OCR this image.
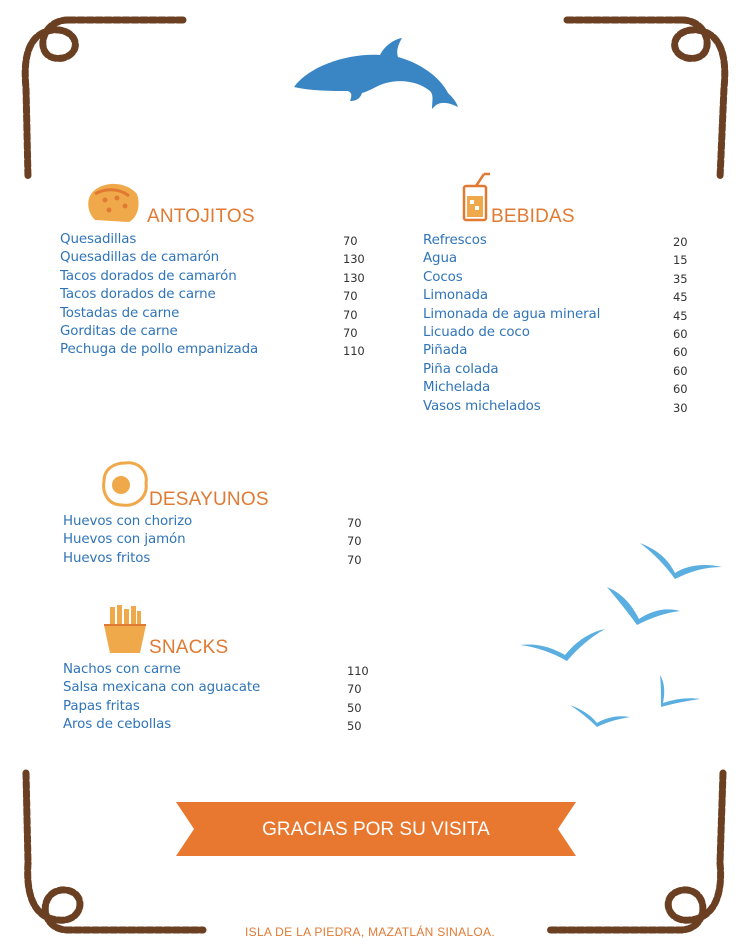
ANTOJITOS
Quesadillas	70
Quesadillas de camarón	130
Tacos dorados de camarón	130
Tacos dorados de carne	70
Tostadas de carne	70
Gorditas de carne	70
Pechuga de pollo empanizada	110
BEBIDAS
Refrescos	20
Agua	15
Cocos	35
Limonada	45
Limonada de agua mineral	45
Licuado de coco	60
Piñada	60
Piña colada	60
Michelada	60
Vasos michelados	30
DESAYUNOS
Huevos con chorizo	70
Huevos con jamón	70
Huevos fritos	70
SNACKS
Nachos con carne	110
Salsa mexicana con aguacate	70
Papas fritas	50
Aros de cebollas	50
GRACIAS POR SU VISITA
ISLA DE LA PIEDRA, MAZATLÁN SINALOA.
